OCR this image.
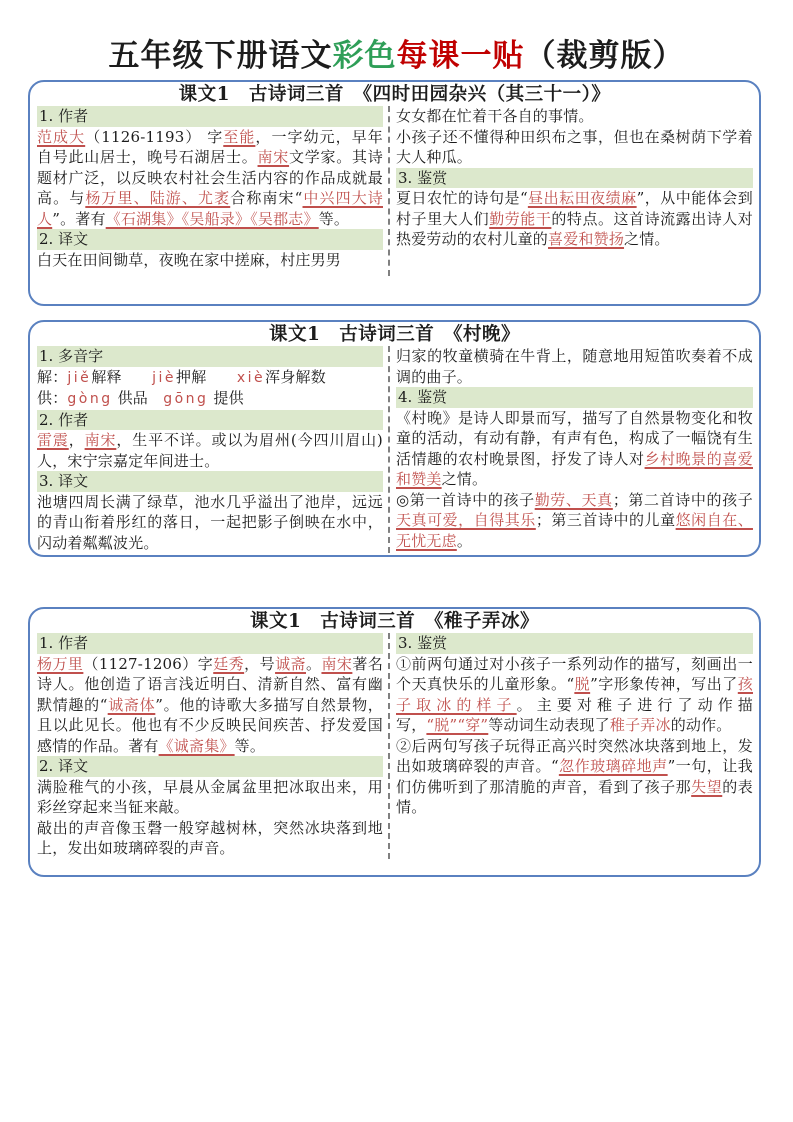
五年级下册语文彩色每课一贴（裁剪版）
课文1　古诗词三首　《四时田园杂兴（其三十一）》
1. 作者

范成大（1126-1193） 字至能，一字幼元，早年自号此山居士，晚号石湖居士。南宋文学家。其诗题材广泛，以反映农村社会生活内容的作品成就最高。与杨万里、陆游、尤袤合称南宋“中兴四大诗人”。著有《石湖集》《吴船录》《吴郡志》等。

2. 译文

白天在田间锄草，夜晚在家中搓麻，村庄男男

女女都在忙着干各自的事情。

小孩子还不懂得种田织布之事，但也在桑树荫下学着大人种瓜。

3. 鉴赏

夏日农忙的诗句是“昼出耘田夜绩麻”，从中能体会到村子里大人们勤劳能干的特点。这首诗流露出诗人对热爱劳动的农村儿童的喜爱和赞扬之情。

课文1　古诗词三首　《村晚》
1. 多音字

解：jiě解释　　jiè押解　　xiè浑身解数

供：gòng 供品　gōng 提供

2. 作者

雷震，南宋，生平不详。或以为眉州(今四川眉山)人，宋宁宗嘉定年间进士。

3. 译文

池塘四周长满了绿草，池水几乎溢出了池岸，远远的青山衔着彤红的落日，一起把影子倒映在水中，闪动着粼粼波光。

归家的牧童横骑在牛背上，随意地用短笛吹奏着不成调的曲子。

4. 鉴赏

《村晚》是诗人即景而写，描写了自然景物变化和牧童的活动，有动有静，有声有色，构成了一幅饶有生活情趣的农村晚景图，抒发了诗人对乡村晚景的喜爱和赞美之情。

◎第一首诗中的孩子勤劳、天真；第二首诗中的孩子天真可爱，自得其乐；第三首诗中的儿童悠闲自在、无忧无虑。

课文1　古诗词三首　《稚子弄冰》
1. 作者

杨万里（1127-1206）字廷秀，号诚斋。南宋著名诗人。他创造了语言浅近明白、清新自然、富有幽默情趣的“诚斋体”。他的诗歌大多描写自然景物，且以此见长。他也有不少反映民间疾苦、抒发爱国感情的作品。著有《诚斋集》等。

2. 译文

满脸稚气的小孩，早晨从金属盆里把冰取出来，用彩丝穿起来当钲来敲。

敲出的声音像玉磬一般穿越树林，突然冰块落到地上，发出如玻璃碎裂的声音。

3. 鉴赏

①前两句通过对小孩子一系列动作的描写，刻画出一个天真快乐的儿童形象。“脱”字形象传神，写出了孩子取冰的样子。主要对稚子进行了动作描写，“脱”“穿”等动词生动表现了稚子弄冰的动作。

②后两句写孩子玩得正高兴时突然冰块落到地上，发出如玻璃碎裂的声音。“忽作玻璃碎地声”一句，让我们仿佛听到了那清脆的声音，看到了孩子那失望的表情。
